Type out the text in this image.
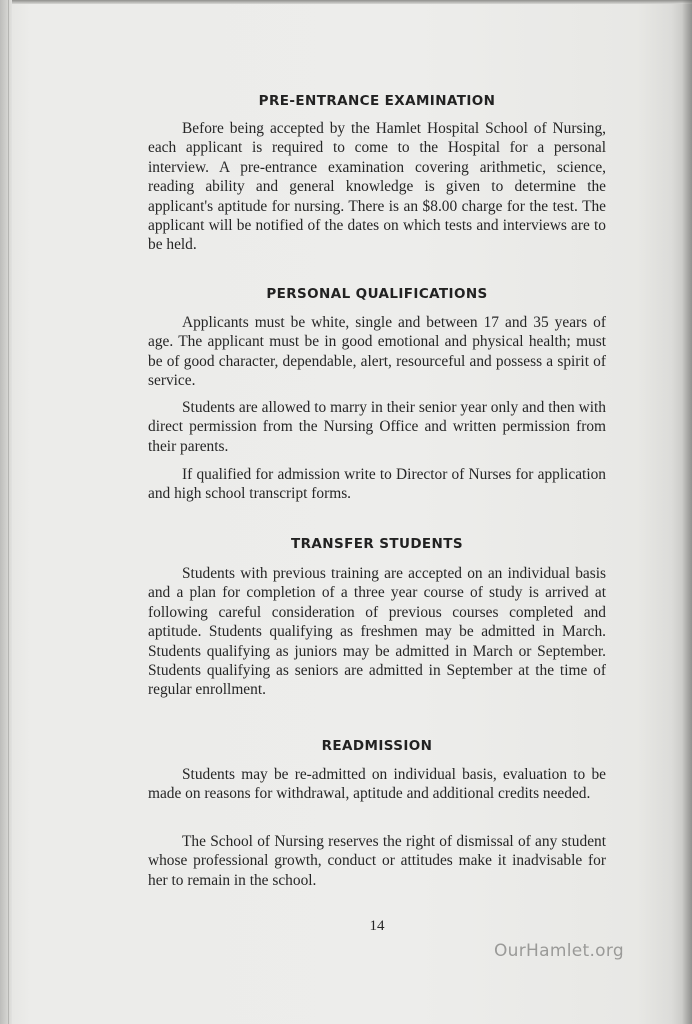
PRE-ENTRANCE EXAMINATION

Before being accepted by the Hamlet Hospital School of Nursing, each applicant is required to come to the Hospital for a personal interview. A pre-entrance examination covering arithmetic, science, reading ability and general knowledge is given to determine the applicant's aptitude for nursing. There is an $8.00 charge for the test. The applicant will be notified of the dates on which tests and interviews are to be held.

PERSONAL QUALIFICATIONS

Applicants must be white, single and between 17 and 35 years of age. The applicant must be in good emotional and physical health; must be of good character, dependable, alert, resourceful and possess a spirit of service.

Students are allowed to marry in their senior year only and then with direct permission from the Nursing Office and written permission from their parents.

If qualified for admission write to Director of Nurses for application and high school transcript forms.

TRANSFER STUDENTS

Students with previous training are accepted on an individual basis and a plan for completion of a three year course of study is arrived at following careful consideration of previous courses completed and aptitude. Students qualifying as freshmen may be admitted in March. Students qualifying as juniors may be admitted in March or September. Students qualifying as seniors are admitted in September at the time of regular enrollment.

READMISSION

Students may be re-admitted on individual basis, evaluation to be made on reasons for withdrawal, aptitude and additional credits needed.

The School of Nursing reserves the right of dismissal of any student whose professional growth, conduct or attitudes make it inadvisable for her to remain in the school.

14
OurHamlet.org
